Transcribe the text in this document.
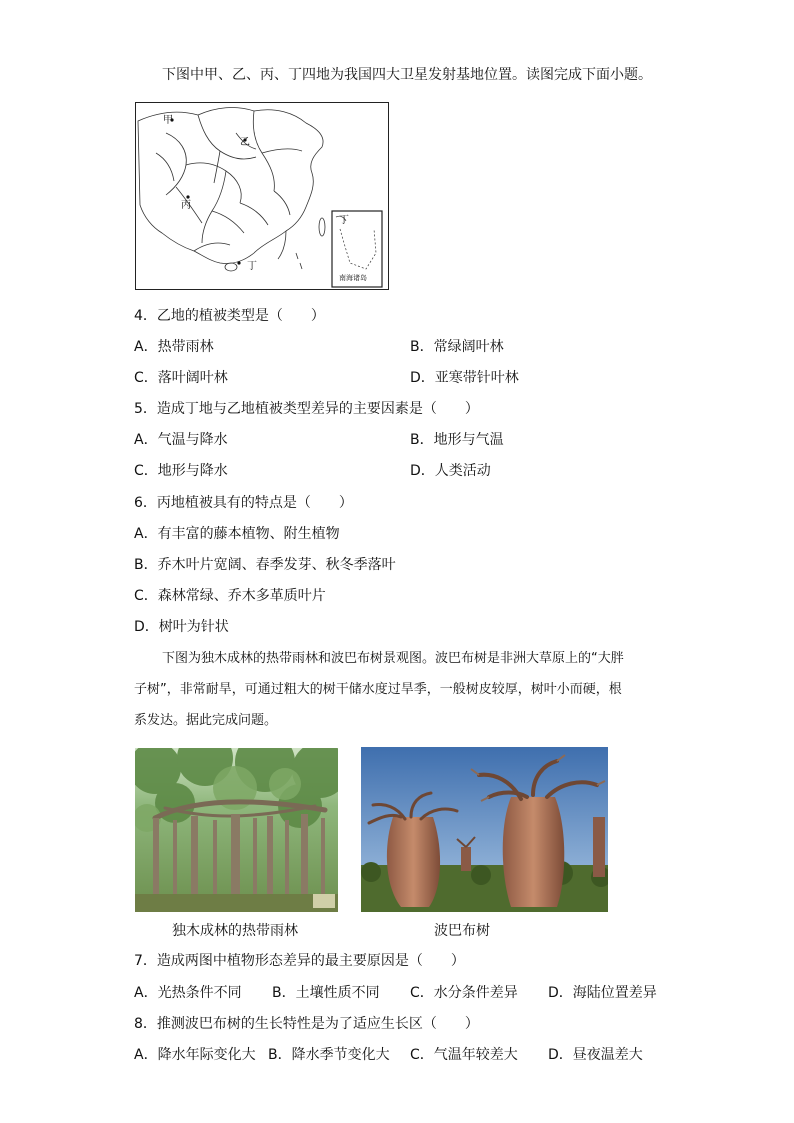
下图中甲、乙、丙、丁四地为我国四大卫星发射基地位置。读图完成下面小题。
甲
乙
丙
丁
丁
南海诸岛
4．乙地的植被类型是（　　）
A．热带雨林	B．常绿阔叶林
C．落叶阔叶林	D．亚寒带针叶林
5．造成丁地与乙地植被类型差异的主要因素是（　　）
A．气温与降水	B．地形与气温
C．地形与降水	D．人类活动
6．丙地植被具有的特点是（　　）
A．有丰富的藤本植物、附生植物
B．乔木叶片宽阔、春季发芽、秋冬季落叶
C．森林常绿、乔木多革质叶片
D．树叶为针状
下图为独木成林的热带雨林和波巴布树景观图。波巴布树是非洲大草原上的“大胖
子树”，非常耐旱，可通过粗大的树干储水度过旱季，一般树皮较厚，树叶小而硬，根
系发达。据此完成问题。
独木成林的热带雨林	波巴布树
7．造成两图中植物形态差异的最主要原因是（　　）
A．光热条件不同 B．土壤性质不同 C．水分条件差异 D．海陆位置差异
8．推测波巴布树的生长特性是为了适应生长区（　　）
A．降水年际变化大 B．降水季节变化大 C．气温年较差大 D．昼夜温差大
